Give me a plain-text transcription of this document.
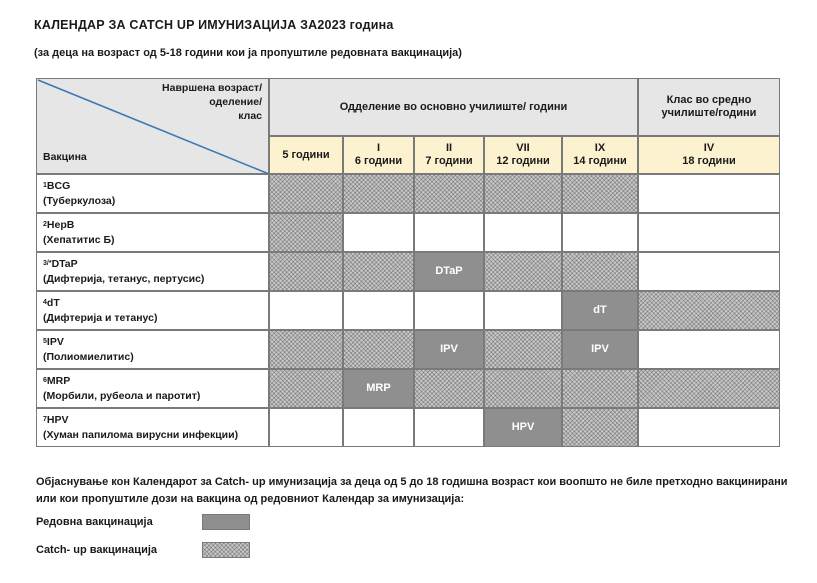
КАЛЕНДАР ЗА CATCH UP ИМУНИЗАЦИЈА ЗА2023 година
(за деца на возраст од 5-18 години кои ја пропуштиле редовната вакцинација)
Навршена возраст/
оделение/
клас
Вакцина
Одделение во основно училиште/ години
Клас во средно
училиште/години
5 години
I
6 години
II
7 години
VII
12 години
IX
14 години
IV
18 години
$^1$BCG
(Туберкулоза)
$^2$HepB
(Хепатитис Б)
$^{3/*}$DTaP
(Дифтерија, тетанус, пертусис)
DTaP
$^4$dT
(Дифтерија и тетанус)
dT
$^5$IPV
(Полиомиелитис)
IPV	IPV
$^6$MRP
(Морбили, рубеола и паротит)
MRP
$^7$HPV
(Хуман папилома вирусни инфекции)
HPV
Објаснување кон Календарот за Catch- up имунизација за деца од 5 до 18 годишна возраст кои воопшто не биле претходно вакцинирани или кои пропуштиле дози на вакцина од редовниот Календар за имунизација:
Редовна вакцинација
Catch- up вакцинација
